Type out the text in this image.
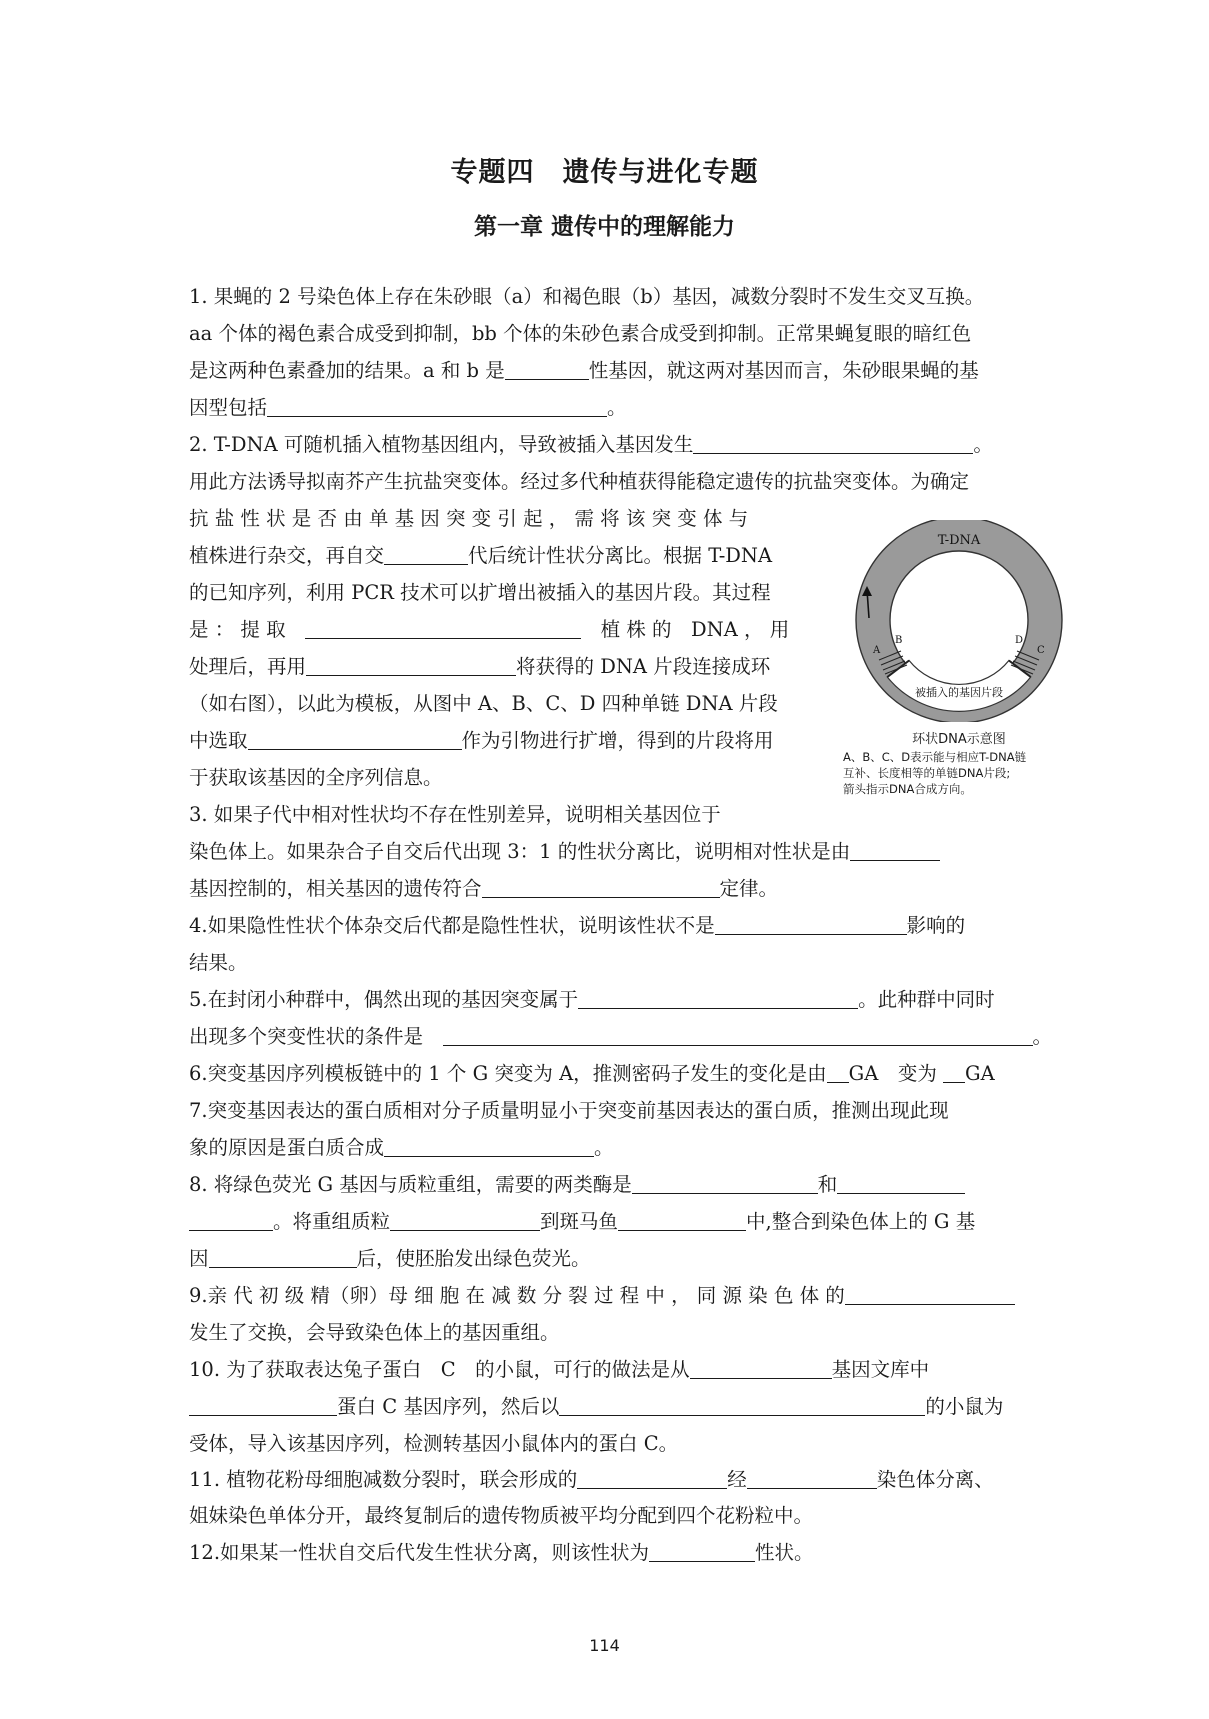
专题四　遗传与进化专题
第一章 遗传中的理解能力
1. 果蝇的 2 号染色体上存在朱砂眼（a）和褐色眼（b）基因，减数分裂时不发生交叉互换。
aa 个体的褐色素合成受到抑制，bb 个体的朱砂色素合成受到抑制。正常果蝇复眼的暗红色
是这两种色素叠加的结果。a 和 b 是	性基因，就这两对基因而言，朱砂眼果蝇的基
因型包括	。
2. T-DNA 可随机插入植物基因组内，导致被插入基因发生	。
用此方法诱导拟南芥产生抗盐突变体。经过多代种植获得能稳定遗传的抗盐突变体。为确定
抗 盐 性 状 是 否 由 单 基 因 突 变 引 起 ， 需 将 该 突 变 体 与
植株进行杂交，再自交	代后统计性状分离比。根据 T-DNA
的已知序列，利用 PCR 技术可以扩增出被插入的基因片段。其过程
是 ： 提 取　　	植 株 的　DNA ， 用
处理后，再用	将获得的 DNA 片段连接成环
（如右图），以此为模板，从图中 A、B、C、D 四种单链 DNA 片段
中选取	作为引物进行扩增，得到的片段将用
于获取该基因的全序列信息。
3. 如果子代中相对性状均不存在性别差异，说明相关基因位于
染色体上。如果杂合子自交后代出现 3：1 的性状分离比，说明相对性状是由
基因控制的，相关基因的遗传符合	定律。
4.如果隐性性状个体杂交后代都是隐性性状，说明该性状不是	影响的
结果。
5.在封闭小种群中，偶然出现的基因突变属于	。此种群中同时
出现多个突变性状的条件是　	。
6.突变基因序列模板链中的 1 个 G 突变为 A，推测密码子发生的变化是由 GA　变为 GA
7.突变基因表达的蛋白质相对分子质量明显小于突变前基因表达的蛋白质，推测出现此现
象的原因是蛋白质合成	。
8. 将绿色荧光 G 基因与质粒重组，需要的两类酶是	和
。将重组质粒	到斑马鱼	中,整合到染色体上的 G 基
因	后，使胚胎发出绿色荧光。
9.亲 代 初 级 精（卵）母 细 胞 在 减 数 分 裂 过 程 中 ， 同 源 染 色 体 的
发生了交换，会导致染色体上的基因重组。
10. 为了获取表达兔子蛋白　C　的小鼠，可行的做法是从	基因文库中
蛋白 C 基因序列，然后以	的小鼠为
受体，导入该基因序列，检测转基因小鼠体内的蛋白 C。
11. 植物花粉母细胞减数分裂时，联会形成的	经	染色体分离、
姐妹染色单体分开，最终复制后的遗传物质被平均分配到四个花粉粒中。
12.如果某一性状自交后代发生性状分离，则该性状为	性状。
T-DNA
被插入的基因片段
A
B	D
C
环状DNA示意图
A、B、C、D表示能与相应T-DNA链
互补、长度相等的单链DNA片段;
箭头指示DNA合成方向。
114
